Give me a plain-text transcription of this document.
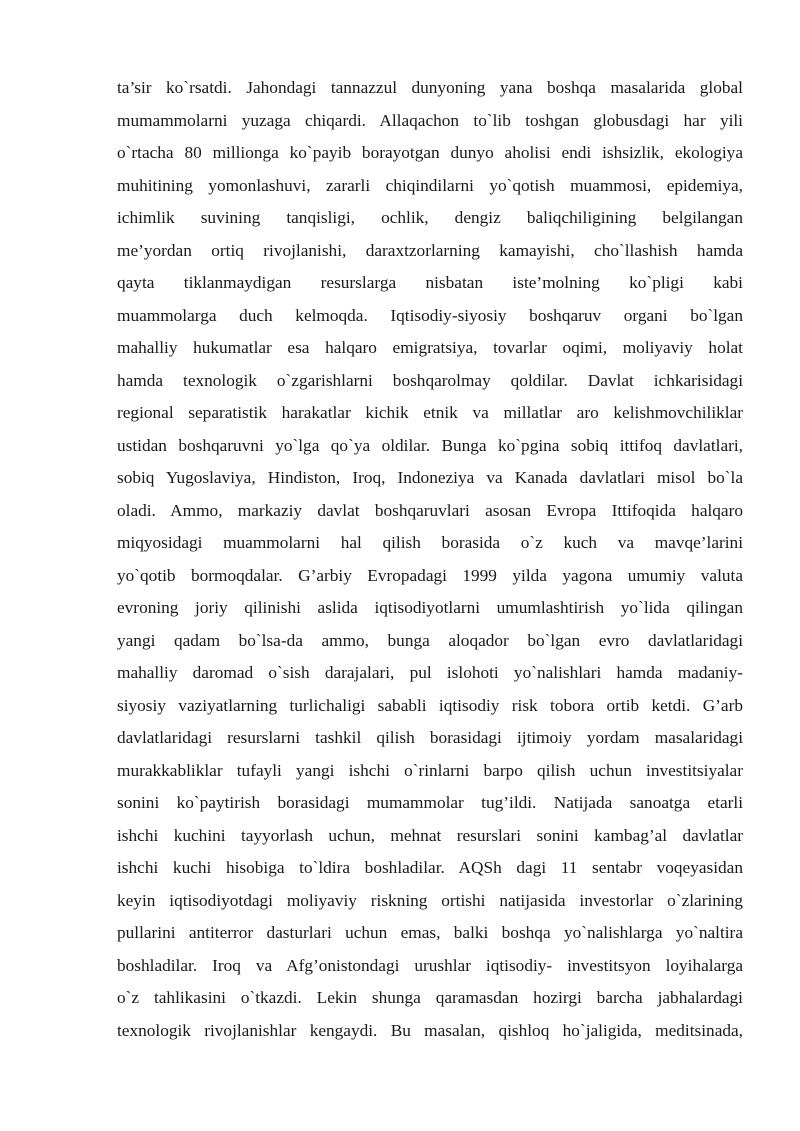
ta’sir ko`rsatdi. Jahondagi tannazzul dunyoning yana boshqa masalarida global
mumammolarni yuzaga chiqardi. Allaqachon to`lib toshgan globusdagi har yili
o`rtacha 80 millionga ko`payib borayotgan dunyo aholisi endi ishsizlik, ekologiya
muhitining yomonlashuvi, zararli chiqindilarni yo`qotish muammosi, epidemiya,
ichimlik suvining tanqisligi, ochlik, dengiz baliqchiligining belgilangan
me’yordan ortiq rivojlanishi, daraxtzorlarning kamayishi, cho`llashish hamda
qayta tiklanmaydigan resurslarga nisbatan iste’molning ko`pligi kabi
muammolarga duch kelmoqda. Iqtisodiy-siyosiy boshqaruv organi bo`lgan
mahalliy hukumatlar esa halqaro emigratsiya, tovarlar oqimi, moliyaviy holat
hamda texnologik o`zgarishlarni boshqarolmay qoldilar. Davlat ichkarisidagi
regional separatistik harakatlar kichik etnik va millatlar aro kelishmovchiliklar
ustidan boshqaruvni yo`lga qo`ya oldilar. Bunga ko`pgina sobiq ittifoq davlatlari,
sobiq Yugoslaviya, Hindiston, Iroq, Indoneziya va Kanada davlatlari misol bo`la
oladi. Ammo, markaziy davlat boshqaruvlari asosan Evropa Ittifoqida halqaro
miqyosidagi muammolarni hal qilish borasida o`z kuch va mavqe’larini
yo`qotib bormoqdalar. G’arbiy Evropadagi 1999 yilda yagona umumiy valuta
evroning joriy qilinishi aslida iqtisodiyotlarni umumlashtirish yo`lida qilingan
yangi qadam bo`lsa-da ammo, bunga aloqador bo`lgan evro davlatlaridagi
mahalliy daromad o`sish darajalari, pul islohoti yo`nalishlari hamda madaniy-
siyosiy vaziyatlarning turlichaligi sababli iqtisodiy risk tobora ortib ketdi. G’arb
davlatlaridagi resurslarni tashkil qilish borasidagi ijtimoiy yordam masalaridagi
murakkabliklar tufayli yangi ishchi o`rinlarni barpo qilish uchun investitsiyalar
sonini ko`paytirish borasidagi mumammolar tug’ildi. Natijada sanoatga etarli
ishchi kuchini tayyorlash uchun, mehnat resurslari sonini kambag’al davlatlar
ishchi kuchi hisobiga to`ldira boshladilar. AQSh dagi 11 sentabr voqeyasidan
keyin iqtisodiyotdagi moliyaviy riskning ortishi natijasida investorlar o`zlarining
pullarini antiterror dasturlari uchun emas, balki boshqa yo`nalishlarga yo`naltira
boshladilar. Iroq va Afg’onistondagi urushlar iqtisodiy- investitsyon loyihalarga
o`z tahlikasini o`tkazdi. Lekin shunga qaramasdan hozirgi barcha jabhalardagi
texnologik rivojlanishlar kengaydi. Bu masalan, qishloq ho`jaligida, meditsinada,
